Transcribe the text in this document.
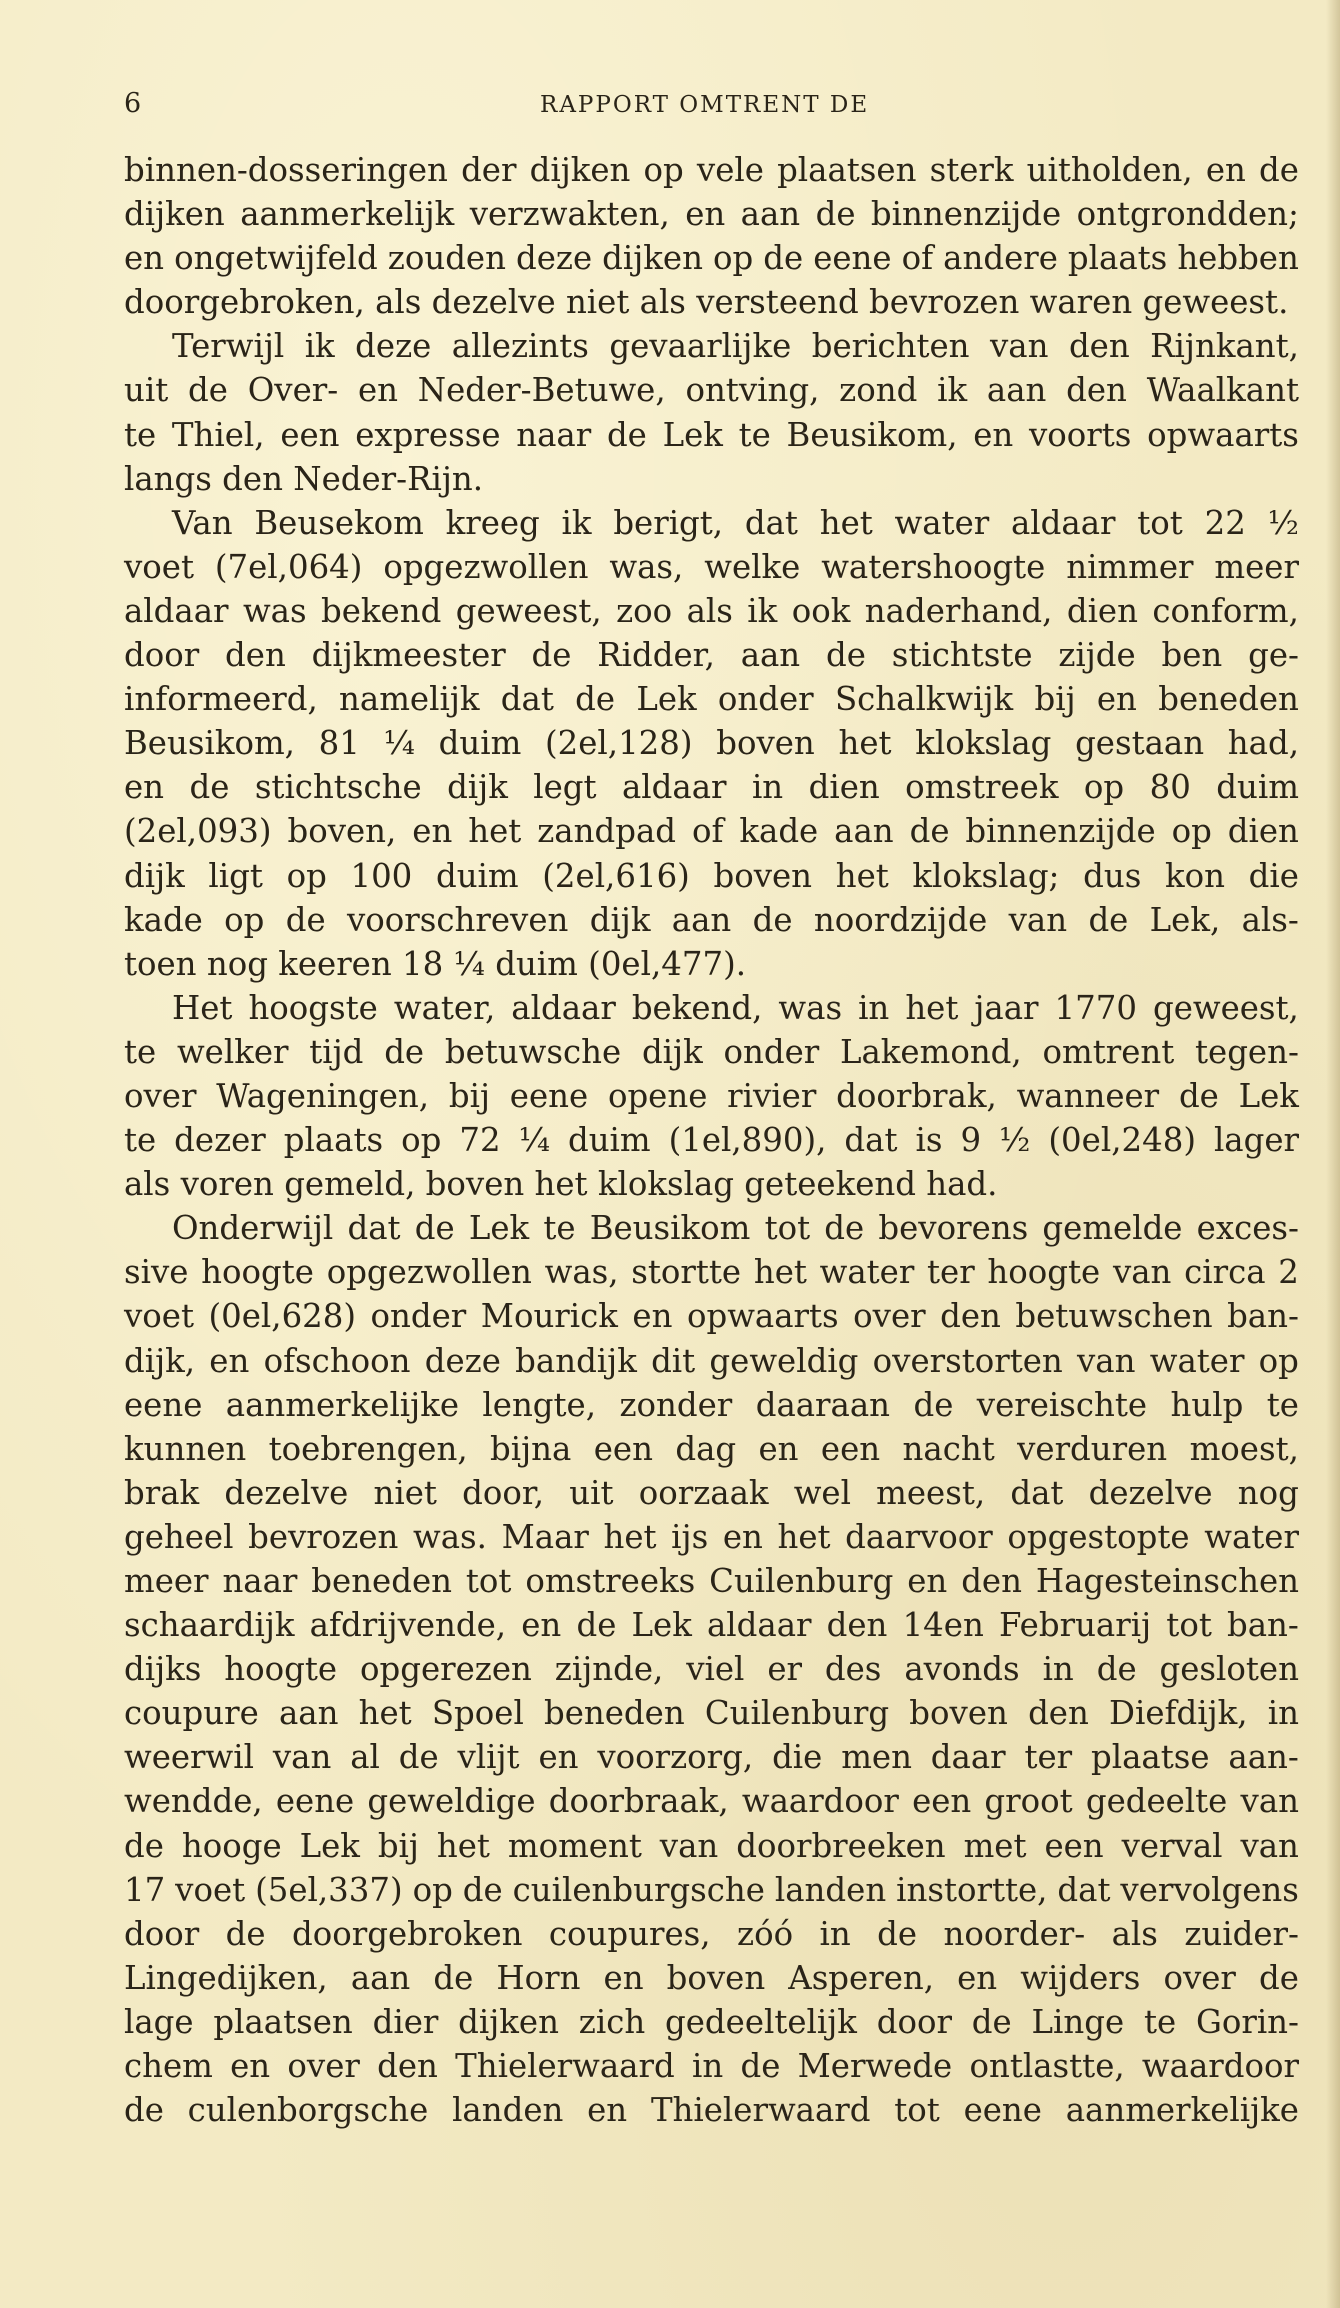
6	RAPPORT OMTRENT DE
binnen-dosseringen der dijken op vele plaatsen sterk uitholden, en de
dijken aanmerkelijk verzwakten, en aan de binnenzijde ontgrondden;
en ongetwijfeld zouden deze dijken op de eene of andere plaats hebben
doorgebroken, als dezelve niet als versteend bevrozen waren geweest.
Terwijl ik deze allezints gevaarlijke berichten van den Rijnkant,
uit de Over- en Neder-Betuwe, ontving, zond ik aan den Waalkant
te Thiel, een expresse naar de Lek te Beusikom, en voorts opwaarts
langs den Neder-Rijn.
Van Beusekom kreeg ik berigt, dat het water aldaar tot 22 ½
voet (7el,064) opgezwollen was, welke watershoogte nimmer meer
aldaar was bekend geweest, zoo als ik ook naderhand, dien conform,
door den dijkmeester de Ridder, aan de stichtste zijde ben ge-
informeerd, namelijk dat de Lek onder Schalkwijk bij en beneden
Beusikom, 81 ¼ duim (2el,128) boven het klokslag gestaan had,
en de stichtsche dijk legt aldaar in dien omstreek op 80 duim
(2el,093) boven, en het zandpad of kade aan de binnenzijde op dien
dijk ligt op 100 duim (2el,616) boven het klokslag; dus kon die
kade op de voorschreven dijk aan de noordzijde van de Lek, als-
toen nog keeren 18 ¼ duim (0el,477).
Het hoogste water, aldaar bekend, was in het jaar 1770 geweest,
te welker tijd de betuwsche dijk onder Lakemond, omtrent tegen-
over Wageningen, bij eene opene rivier doorbrak, wanneer de Lek
te dezer plaats op 72 ¼ duim (1el,890), dat is 9 ½ (0el,248) lager
als voren gemeld, boven het klokslag geteekend had.
Onderwijl dat de Lek te Beusikom tot de bevorens gemelde exces-
sive hoogte opgezwollen was, stortte het water ter hoogte van circa 2
voet (0el,628) onder Mourick en opwaarts over den betuwschen ban-
dijk, en ofschoon deze bandijk dit geweldig overstorten van water op
eene aanmerkelijke lengte, zonder daaraan de vereischte hulp te
kunnen toebrengen, bijna een dag en een nacht verduren moest,
brak dezelve niet door, uit oorzaak wel meest, dat dezelve nog
geheel bevrozen was. Maar het ijs en het daarvoor opgestopte water
meer naar beneden tot omstreeks Cuilenburg en den Hagesteinschen
schaardijk afdrijvende, en de Lek aldaar den 14en Februarij tot ban-
dijks hoogte opgerezen zijnde, viel er des avonds in de gesloten
coupure aan het Spoel beneden Cuilenburg boven den Diefdijk, in
weerwil van al de vlijt en voorzorg, die men daar ter plaatse aan-
wendde, eene geweldige doorbraak, waardoor een groot gedeelte van
de hooge Lek bij het moment van doorbreeken met een verval van
17 voet (5el,337) op de cuilenburgsche landen instortte, dat vervolgens
door de doorgebroken coupures, zóó in de noorder- als zuider-
Lingedijken, aan de Horn en boven Asperen, en wijders over de
lage plaatsen dier dijken zich gedeeltelijk door de Linge te Gorin-
chem en over den Thielerwaard in de Merwede ontlastte, waardoor
de culenborgsche landen en Thielerwaard tot eene aanmerkelijke
